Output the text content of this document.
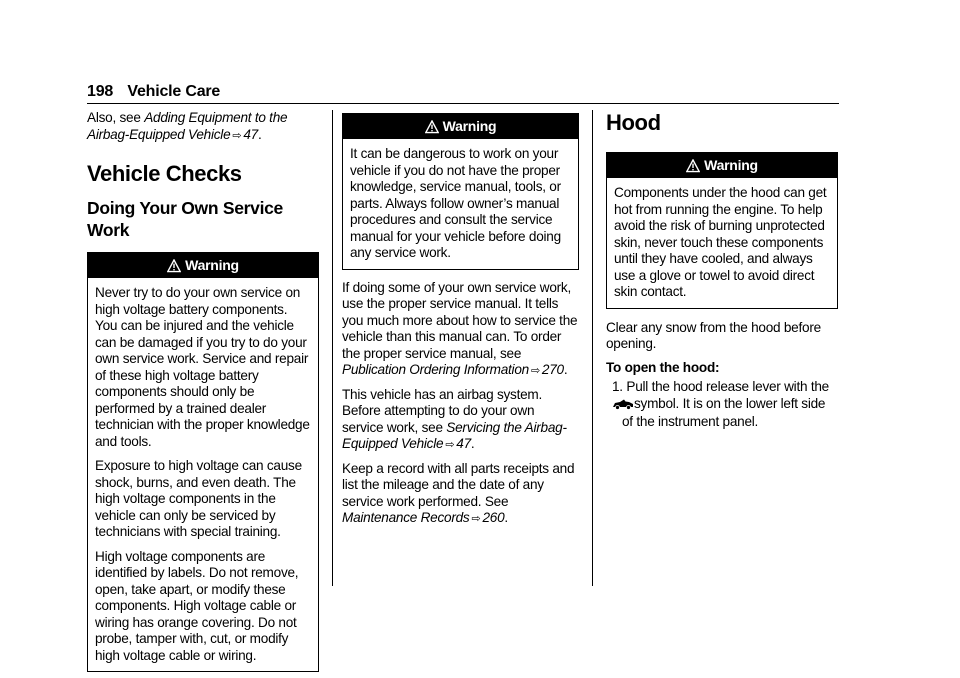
198 Vehicle Care

Also, see Adding Equipment to the Airbag-Equipped Vehicle ⇨ 47.

Vehicle Checks
Doing Your Own Service Work
Warning

Never try to do your own service on high voltage battery components. You can be injured and the vehicle can be damaged if you try to do your own service work. Service and repair of these high voltage battery components should only be performed by a trained dealer technician with the proper knowledge and tools.

Exposure to high voltage can cause shock, burns, and even death. The high voltage components in the vehicle can only be serviced by technicians with special training.

High voltage components are identified by labels. Do not remove, open, take apart, or modify these components. High voltage cable or wiring has orange covering. Do not probe, tamper with, cut, or modify high voltage cable or wiring.

Warning

It can be dangerous to work on your vehicle if you do not have the proper knowledge, service manual, tools, or parts. Always follow owner’s manual procedures and consult the service manual for your vehicle before doing any service work.

If doing some of your own service work, use the proper service manual. It tells you much more about how to service the vehicle than this manual can. To order the proper service manual, see Publication Ordering Information ⇨ 270.

This vehicle has an airbag system. Before attempting to do your own service work, see Servicing the Airbag-Equipped Vehicle ⇨ 47.

Keep a record with all parts receipts and list the mileage and the date of any service work performed. See Maintenance Records ⇨ 260.

Hood
Warning

Components under the hood can get hot from running the engine. To help avoid the risk of burning unprotected skin, never touch these components until they have cooled, and always use a glove or towel to avoid direct skin contact.

Clear any snow from the hood before opening.

To open the hood:

1. Pull the hood release lever with the
symbol. It is on the lower left side of the instrument panel.
